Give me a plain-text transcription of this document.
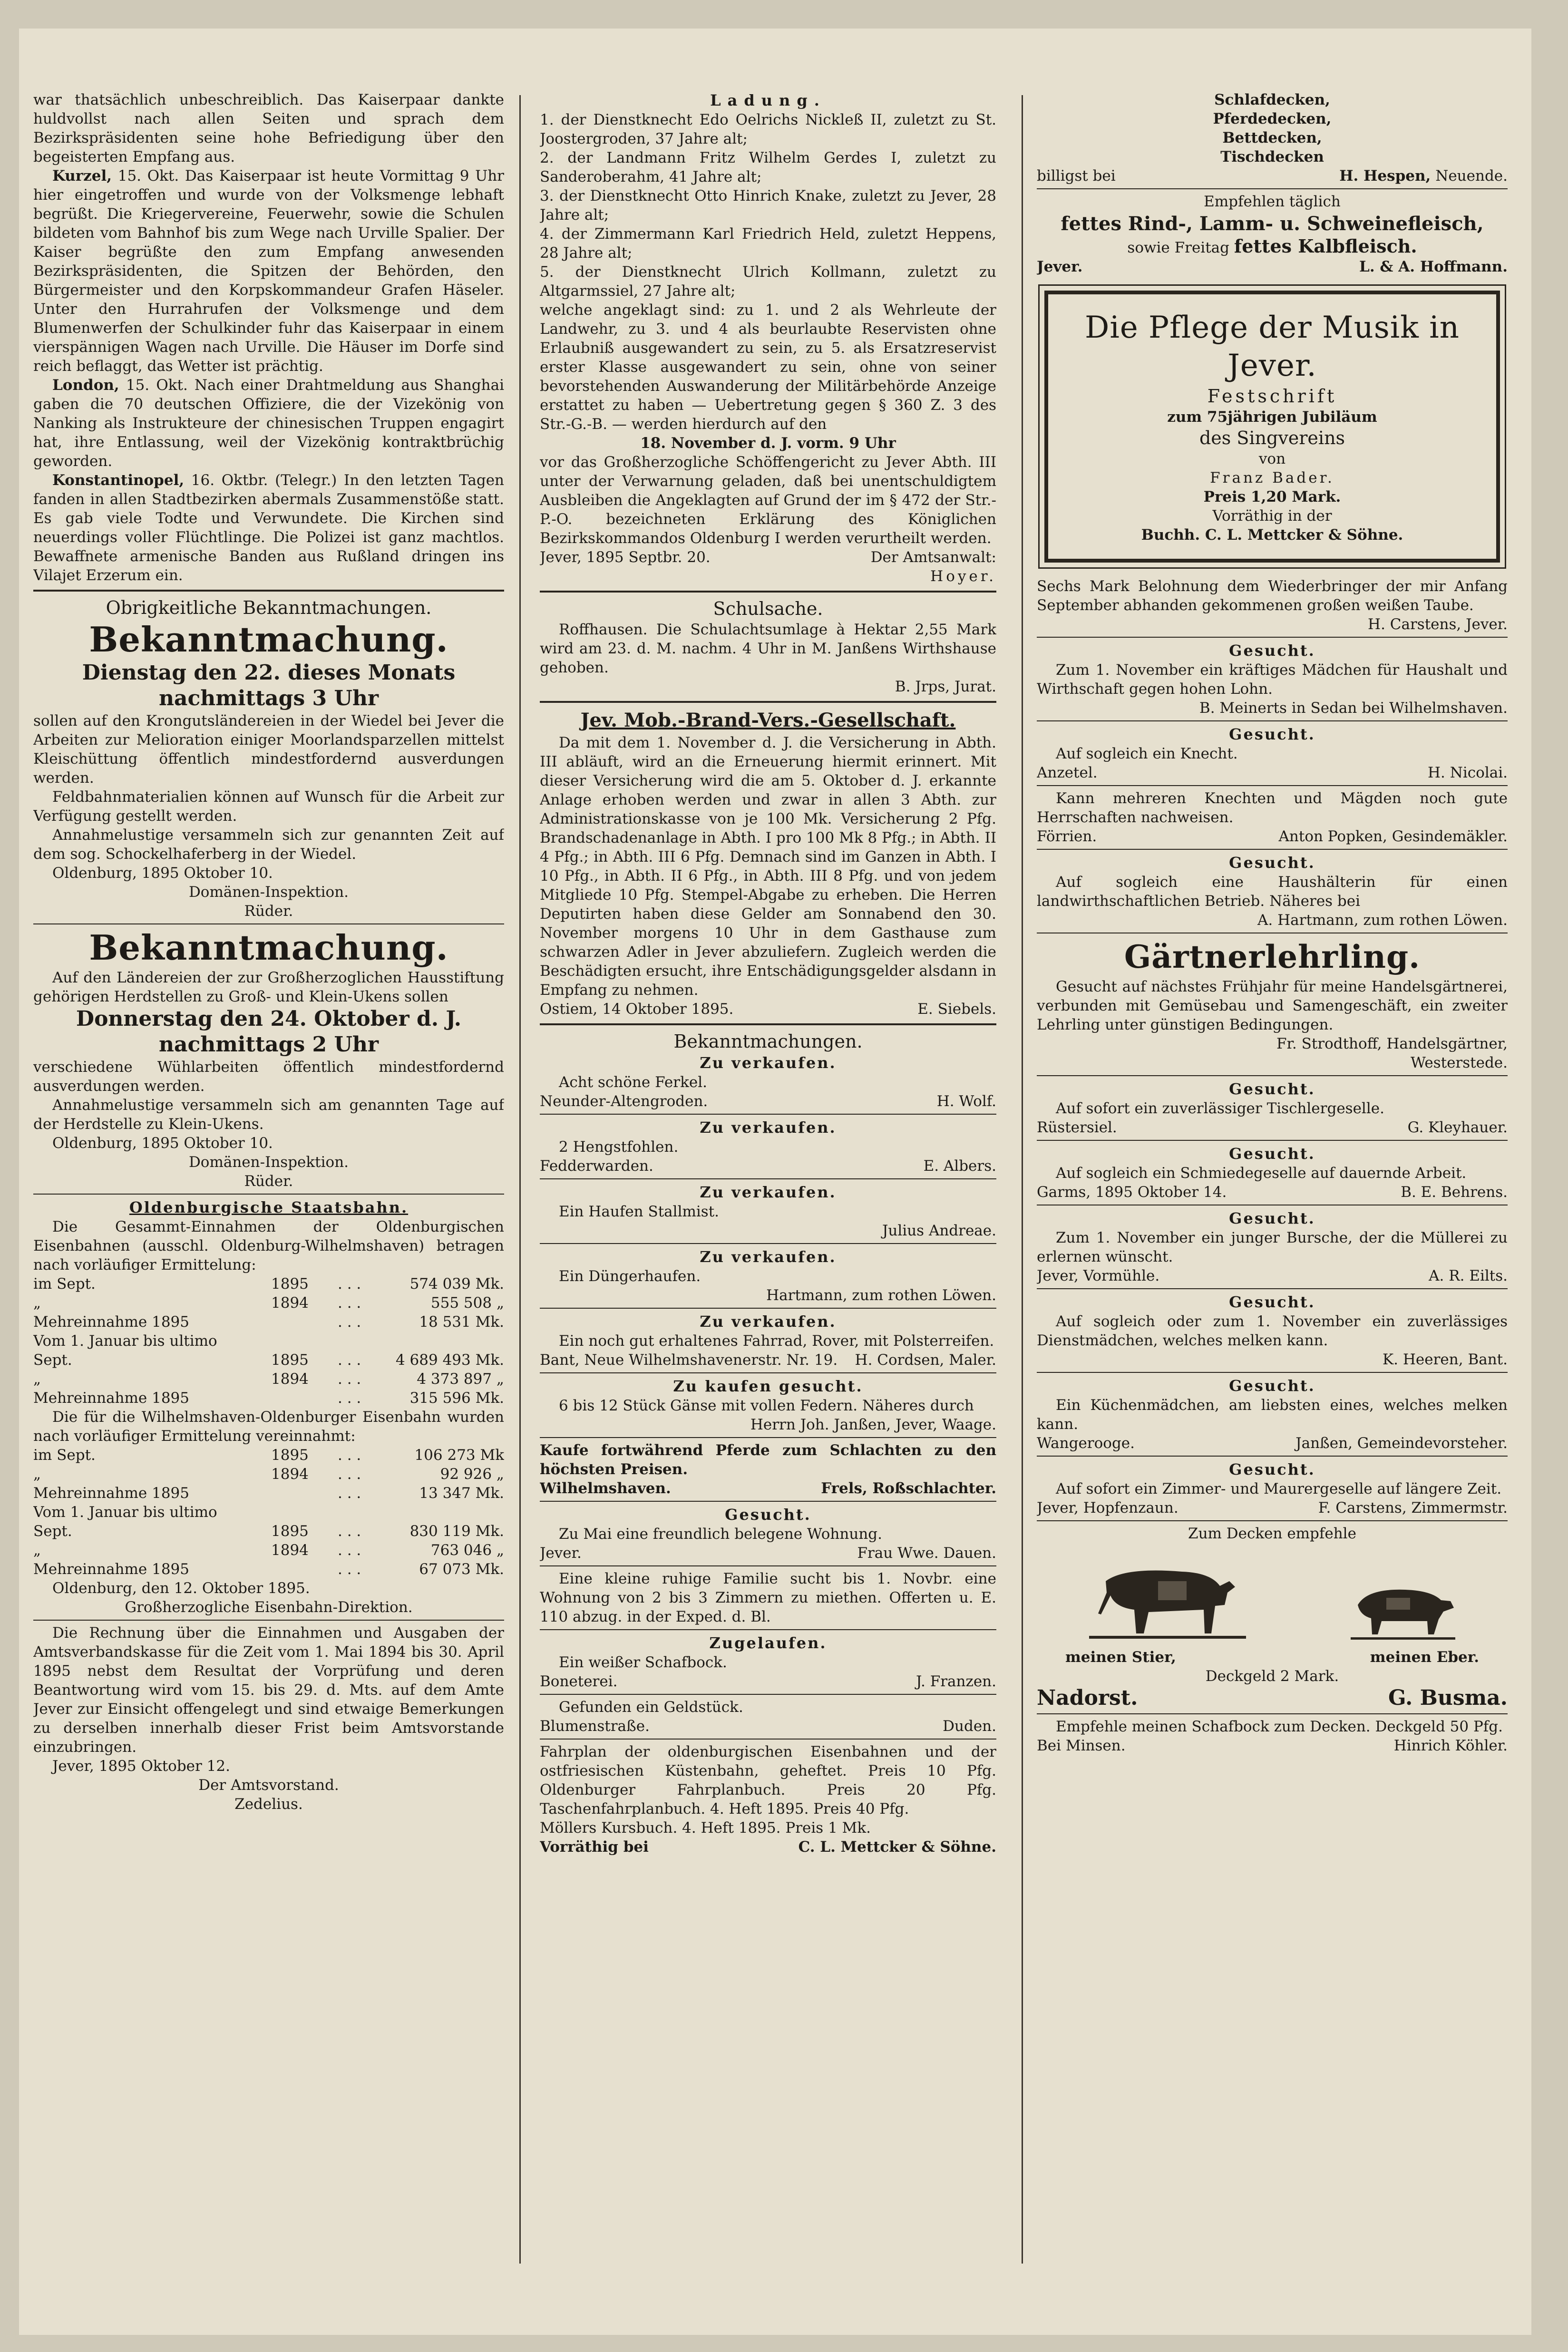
war thatsächlich unbeschreiblich. Das Kaiserpaar dankte huldvollst nach allen Seiten und sprach dem Bezirkspräsidenten seine hohe Befriedigung über den begeisterten Empfang aus.

Kurzel, 15. Okt. Das Kaiserpaar ist heute Vormittag 9 Uhr hier eingetroffen und wurde von der Volksmenge lebhaft begrüßt. Die Kriegervereine, Feuerwehr, sowie die Schulen bildeten vom Bahnhof bis zum Wege nach Urville Spalier. Der Kaiser begrüßte den zum Empfang anwesenden Bezirkspräsidenten, die Spitzen der Behörden, den Bürgermeister und den Korpskommandeur Grafen Häseler. Unter den Hurrahrufen der Volksmenge und dem Blumenwerfen der Schulkinder fuhr das Kaiserpaar in einem vierspännigen Wagen nach Urville. Die Häuser im Dorfe sind reich beflaggt, das Wetter ist prächtig.

London, 15. Okt. Nach einer Drahtmeldung aus Shanghai gaben die 70 deutschen Offiziere, die der Vizekönig von Nanking als Instrukteure der chinesischen Truppen engagirt hat, ihre Entlassung, weil der Vizekönig kontraktbrüchig geworden.

Konstantinopel, 16. Oktbr. (Telegr.) In den letzten Tagen fanden in allen Stadtbezirken abermals Zusammenstöße statt. Es gab viele Todte und Verwundete. Die Kirchen sind neuerdings voller Flüchtlinge. Die Polizei ist ganz machtlos. Bewaffnete armenische Banden aus Rußland dringen ins Vilajet Erzerum ein.

Obrigkeitliche Bekanntmachungen.

Bekanntmachung.

Dienstag den 22. dieses Monats nachmittags 3 Uhr

sollen auf den Krongutsländereien in der Wiedel bei Jever die Arbeiten zur Melioration einiger Moorlandsparzellen mittelst Kleischüttung öffentlich mindestfordernd ausverdungen werden.

Feldbahnmaterialien können auf Wunsch für die Arbeit zur Verfügung gestellt werden.

Annahmelustige versammeln sich zur genannten Zeit auf dem sog. Schockelhaferberg in der Wiedel.

Oldenburg, 1895 Oktober 10.

Domänen-Inspektion.

Rüder.

Bekanntmachung.

Auf den Ländereien der zur Großherzoglichen Hausstiftung gehörigen Herdstellen zu Groß- und Klein-Ukens sollen

Donnerstag den 24. Oktober d. J. nachmittags 2 Uhr

verschiedene Wühlarbeiten öffentlich mindestfordernd ausverdungen werden.

Annahmelustige versammeln sich am genannten Tage auf der Herdstelle zu Klein-Ukens.

Oldenburg, 1895 Oktober 10.

Domänen-Inspektion.

Rüder.

Oldenburgische Staatsbahn.

Die Gesammt-Einnahmen der Oldenburgischen Eisenbahnen (ausschl. Oldenburg-Wilhelmshaven) betragen nach vorläufiger Ermittelung:

im Sept.	1895	. . .	574 039 Mk.
„	1894	. . .	555 508 „
Mehreinnahme 1895	. . .	18 531 Mk.
Vom 1. Januar bis ultimo
Sept.	1895	. . .	4 689 493 Mk.
„	1894	. . .	4 373 897 „
Mehreinnahme 1895	. . .	315 596 Mk.

Die für die Wilhelmshaven-Oldenburger Eisenbahn wurden nach vorläufiger Ermittelung vereinnahmt:

im Sept.	1895	. . .	106 273 Mk
„	1894	. . .	92 926 „
Mehreinnahme 1895	. . .	13 347 Mk.
Vom 1. Januar bis ultimo
Sept.	1895	. . .	830 119 Mk.
„	1894	. . .	763 046 „
Mehreinnahme 1895	. . .	67 073 Mk.

Oldenburg, den 12. Oktober 1895.

Großherzogliche Eisenbahn-Direktion.

Die Rechnung über die Einnahmen und Ausgaben der Amtsverbandskasse für die Zeit vom 1. Mai 1894 bis 30. April 1895 nebst dem Resultat der Vorprüfung und deren Beantwortung wird vom 15. bis 29. d. Mts. auf dem Amte Jever zur Einsicht offengelegt und sind etwaige Bemerkungen zu derselben innerhalb dieser Frist beim Amtsvorstande einzubringen.

Jever, 1895 Oktober 12.

Der Amtsvorstand.

Zedelius.

Ladung.

1. der Dienstknecht Edo Oelrichs Nickleß II, zuletzt zu St. Joostergroden, 37 Jahre alt;

2. der Landmann Fritz Wilhelm Gerdes I, zuletzt zu Sanderoberahm, 41 Jahre alt;

3. der Dienstknecht Otto Hinrich Knake, zuletzt zu Jever, 28 Jahre alt;

4. der Zimmermann Karl Friedrich Held, zuletzt Heppens, 28 Jahre alt;

5. der Dienstknecht Ulrich Kollmann, zuletzt zu Altgarmssiel, 27 Jahre alt;

welche angeklagt sind: zu 1. und 2 als Wehrleute der Landwehr, zu 3. und 4 als beurlaubte Reservisten ohne Erlaubniß ausgewandert zu sein, zu 5. als Ersatzreservist erster Klasse ausgewandert zu sein, ohne von seiner bevorstehenden Auswanderung der Militärbehörde Anzeige erstattet zu haben — Uebertretung gegen § 360 Z. 3 des Str.-G.-B. — werden hierdurch auf den

18. November d. J. vorm. 9 Uhr

vor das Großherzogliche Schöffengericht zu Jever Abth. III unter der Verwarnung geladen, daß bei unentschuldigtem Ausbleiben die Angeklagten auf Grund der im § 472 der Str.-P.-O. bezeichneten Erklärung des Königlichen Bezirkskommandos Oldenburg I werden verurtheilt werden.

Jever, 1895 Septbr. 20.	Der Amtsanwalt:

Hoyer.

Schulsache.

Roffhausen. Die Schulachtsumlage à Hektar 2,55 Mark wird am 23. d. M. nachm. 4 Uhr in M. Janßens Wirthshause gehoben.

B. Jrps, Jurat.

Jev. Mob.-Brand-Vers.-Gesellschaft.

Da mit dem 1. November d. J. die Versicherung in Abth. III abläuft, wird an die Erneuerung hiermit erinnert. Mit dieser Versicherung wird die am 5. Oktober d. J. erkannte Anlage erhoben werden und zwar in allen 3 Abth. zur Administrationskasse von je 100 Mk. Versicherung 2 Pfg. Brandschadenanlage in Abth. I pro 100 Mk 8 Pfg.; in Abth. II 4 Pfg.; in Abth. III 6 Pfg. Demnach sind im Ganzen in Abth. I 10 Pfg., in Abth. II 6 Pfg., in Abth. III 8 Pfg. und von jedem Mitgliede 10 Pfg. Stempel-Abgabe zu erheben. Die Herren Deputirten haben diese Gelder am Sonnabend den 30. November morgens 10 Uhr in dem Gasthause zum schwarzen Adler in Jever abzuliefern. Zugleich werden die Beschädigten ersucht, ihre Entschädigungsgelder alsdann in Empfang zu nehmen.

Ostiem, 14 Oktober 1895.	E. Siebels.

Bekanntmachungen.

Zu verkaufen.

Acht schöne Ferkel.

Neunder-Altengroden.	H. Wolf.

Zu verkaufen.

2 Hengstfohlen.

Fedderwarden.	E. Albers.

Zu verkaufen.

Ein Haufen Stallmist.

Julius Andreae.

Zu verkaufen.

Ein Düngerhaufen.

Hartmann, zum rothen Löwen.

Zu verkaufen.

Ein noch gut erhaltenes Fahrrad, Rover, mit Polsterreifen.

Bant, Neue Wilhelmshavenerstr. Nr. 19. H. Cordsen, Maler.

Zu kaufen gesucht.

6 bis 12 Stück Gänse mit vollen Federn. Näheres durch

Herrn Joh. Janßen, Jever, Waage.

Kaufe fortwährend Pferde zum Schlachten zu den höchsten Preisen.

Wilhelmshaven.	Frels, Roßschlachter.

Gesucht.

Zu Mai eine freundlich belegene Wohnung.

Jever.	Frau Wwe. Dauen.

Eine kleine ruhige Familie sucht bis 1. Novbr. eine Wohnung von 2 bis 3 Zimmern zu miethen. Offerten u. E. 110 abzug. in der Exped. d. Bl.

Zugelaufen.

Ein weißer Schafbock.

Boneterei.	J. Franzen.

Gefunden ein Geldstück.

Blumenstraße.	Duden.

Fahrplan der oldenburgischen Eisenbahnen und der ostfriesischen Küstenbahn, geheftet. Preis 10 Pfg. Oldenburger Fahrplanbuch. Preis 20 Pfg. Taschenfahrplanbuch. 4. Heft 1895. Preis 40 Pfg.

Möllers Kursbuch. 4. Heft 1895. Preis 1 Mk.

Vorräthig bei	C. L. Mettcker & Söhne.

Schlafdecken,

Pferdedecken,

Bettdecken,

Tischdecken

billigst bei	H. Hespen, Neuende.

Empfehlen täglich

fettes Rind-, Lamm- u. Schweinefleisch,

sowie Freitag fettes Kalbfleisch.

Jever.	L. & A. Hoffmann.

Die Pflege der Musik in Jever.

Festschrift

zum 75jährigen Jubiläum

des Singvereins

von

Franz Bader.

Preis 1,20 Mark.

Vorräthig in der

Buchh. C. L. Mettcker & Söhne.

Sechs Mark Belohnung dem Wiederbringer der mir Anfang September abhanden gekommenen großen weißen Taube.

H. Carstens, Jever.

Gesucht.

Zum 1. November ein kräftiges Mädchen für Haushalt und Wirthschaft gegen hohen Lohn.

B. Meinerts in Sedan bei Wilhelmshaven.

Gesucht.

Auf sogleich ein Knecht.

Anzetel.	H. Nicolai.

Kann mehreren Knechten und Mägden noch gute Herrschaften nachweisen.

Förrien.	Anton Popken, Gesindemäkler.

Gesucht.

Auf sogleich eine Haushälterin für einen landwirthschaftlichen Betrieb. Näheres bei

A. Hartmann, zum rothen Löwen.

Gärtnerlehrling.

Gesucht auf nächstes Frühjahr für meine Handelsgärtnerei, verbunden mit Gemüsebau und Samengeschäft, ein zweiter Lehrling unter günstigen Bedingungen.

Fr. Strodthoff, Handelsgärtner,

Westerstede.

Gesucht.

Auf sofort ein zuverlässiger Tischlergeselle.

Rüstersiel.	G. Kleyhauer.

Gesucht.

Auf sogleich ein Schmiedegeselle auf dauernde Arbeit.

Garms, 1895 Oktober 14.	B. E. Behrens.

Gesucht.

Zum 1. November ein junger Bursche, der die Müllerei zu erlernen wünscht.

Jever, Vormühle.	A. R. Eilts.

Gesucht.

Auf sogleich oder zum 1. November ein zuverlässiges Dienstmädchen, welches melken kann.

K. Heeren, Bant.

Gesucht.

Ein Küchenmädchen, am liebsten eines, welches melken kann.

Wangerooge.	Janßen, Gemeindevorsteher.

Gesucht.

Auf sofort ein Zimmer- und Maurergeselle auf längere Zeit.

Jever, Hopfenzaun.	F. Carstens, Zimmermstr.

Zum Decken empfehle

meinen Stier,	meinen Eber.

Deckgeld 2 Mark.

Nadorst.	G. Busma.

Empfehle meinen Schafbock zum Decken. Deckgeld 50 Pfg.

Bei Minsen.	Hinrich Köhler.
